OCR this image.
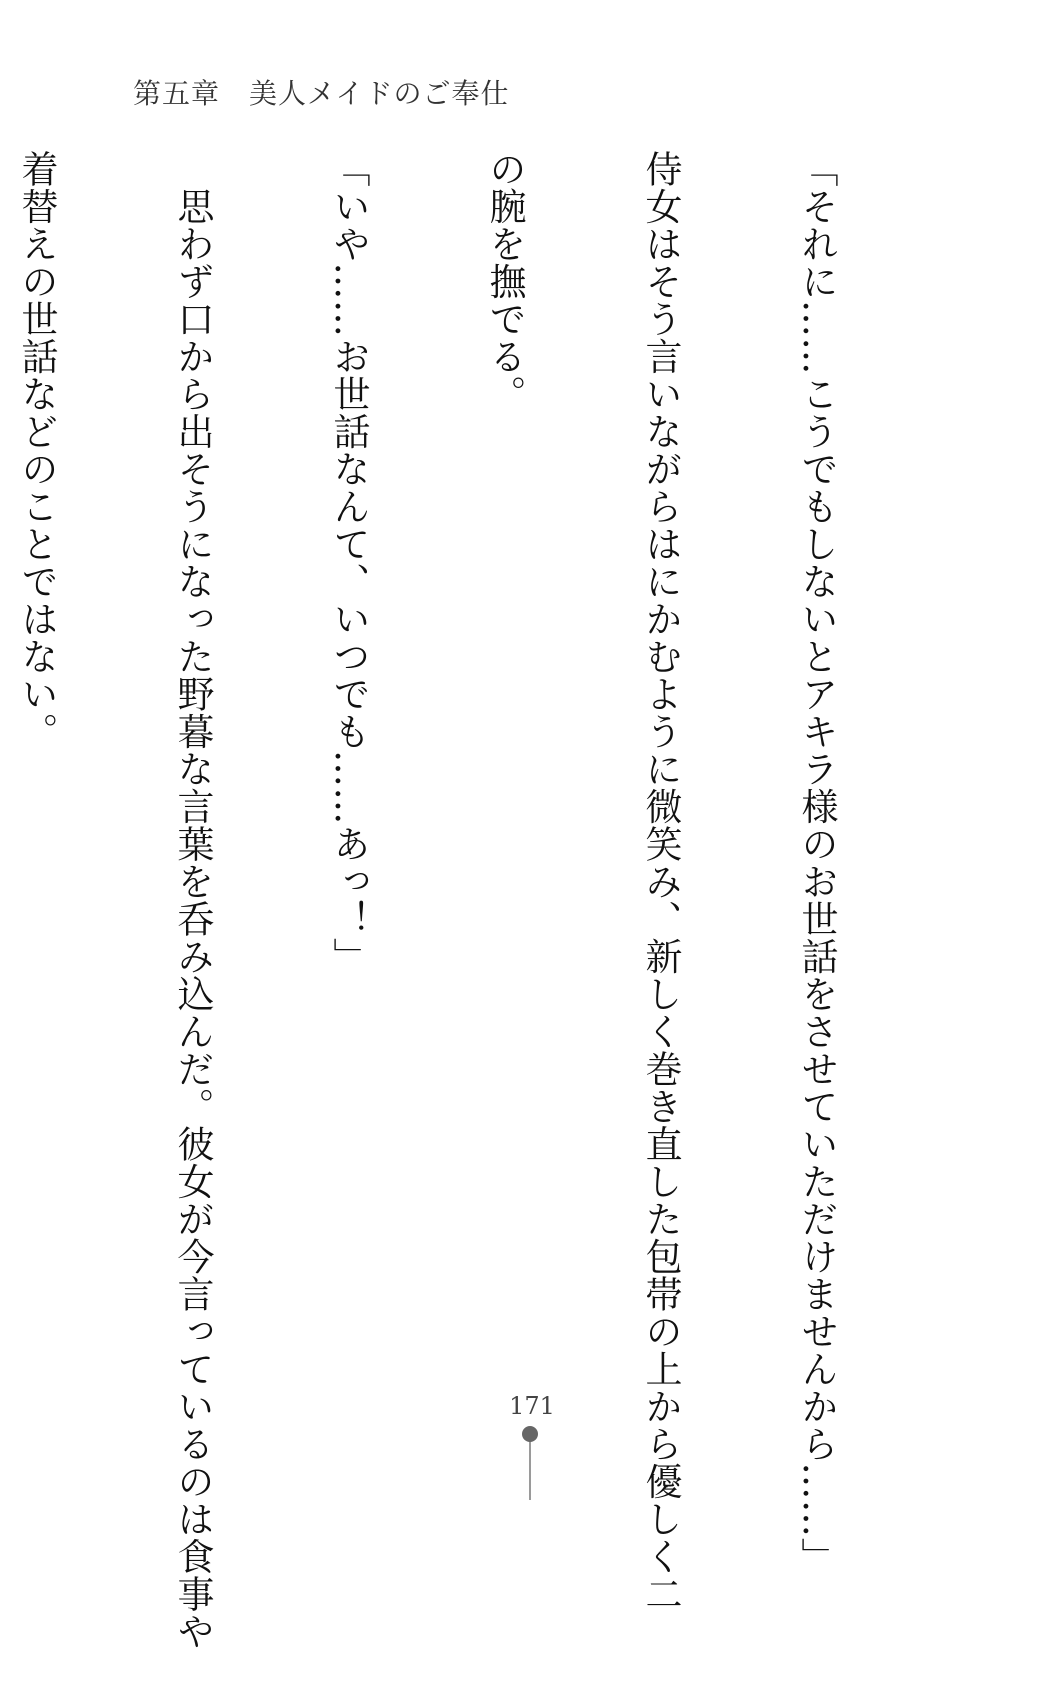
第五章　美人メイドのご奉仕

「それに……こうでもしないとアキラ様のお世話をさせていただけませんから……」

侍女はそう言いながらはにかむように微笑み、新しく巻き直した包帯の上から優しく二

の腕を撫でる。

「いや……お世話なんて、いつでも……あっ！」

　思わず口から出そうになった野暮な言葉を呑み込んだ。彼女が今言っているのは食事や

着替えの世話などのことではない。

171
